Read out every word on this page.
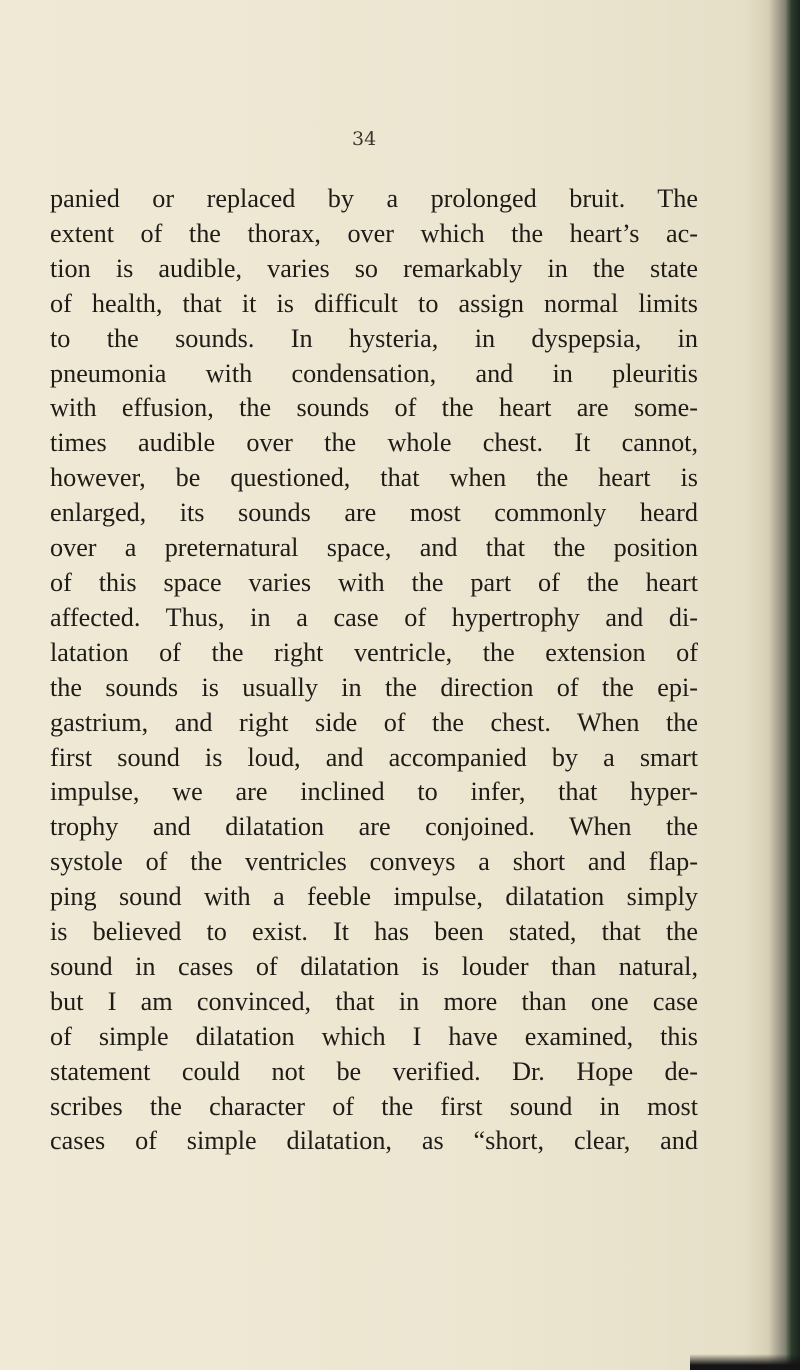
34
panied or replaced by a prolonged bruit. The
extent of the thorax, over which the heart’s ac-
tion is audible, varies so remarkably in the state
of health, that it is difficult to assign normal limits
to the sounds. In hysteria, in dyspepsia, in
pneumonia with condensation, and in pleuritis
with effusion, the sounds of the heart are some-
times audible over the whole chest. It cannot,
however, be questioned, that when the heart is
enlarged, its sounds are most commonly heard
over a preternatural space, and that the position
of this space varies with the part of the heart
affected. Thus, in a case of hypertrophy and di-
latation of the right ventricle, the extension of
the sounds is usually in the direction of the epi-
gastrium, and right side of the chest. When the
first sound is loud, and accompanied by a smart
impulse, we are inclined to infer, that hyper-
trophy and dilatation are conjoined. When the
systole of the ventricles conveys a short and flap-
ping sound with a feeble impulse, dilatation simply
is believed to exist. It has been stated, that the
sound in cases of dilatation is louder than natural,
but I am convinced, that in more than one case
of simple dilatation which I have examined, this
statement could not be verified. Dr. Hope de-
scribes the character of the first sound in most
cases of simple dilatation, as “short, clear, and
